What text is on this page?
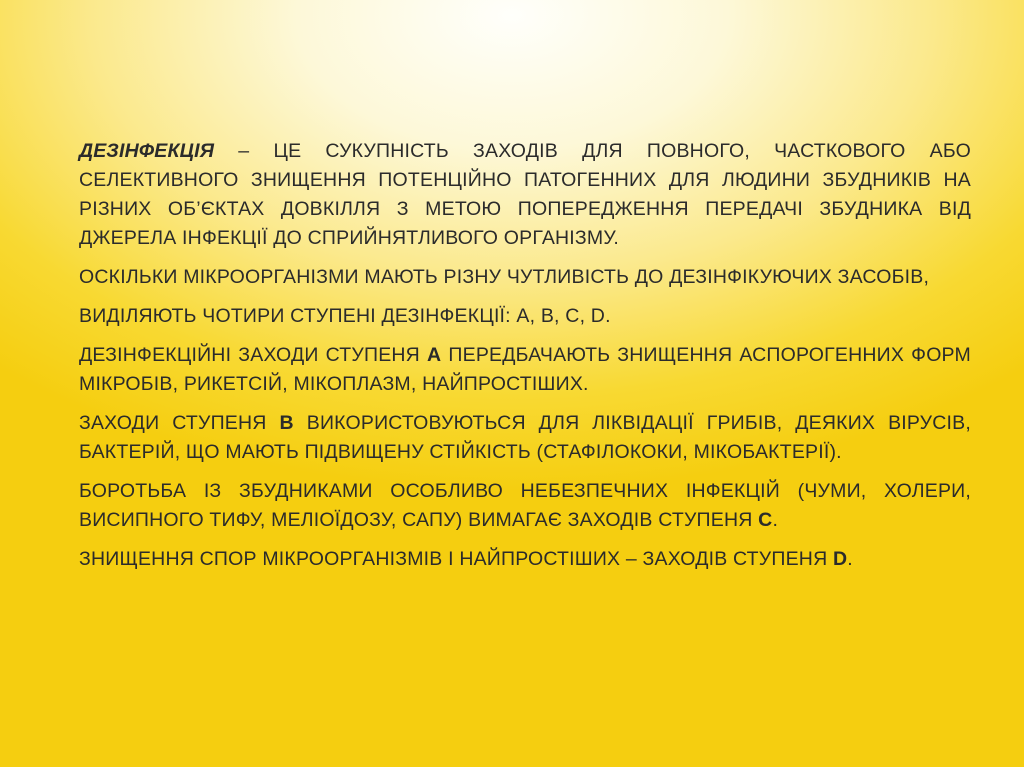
ДЕЗІНФЕКЦІЯ – ЦЕ СУКУПНІСТЬ ЗАХОДІВ ДЛЯ ПОВНОГО, ЧАСТКОВОГО АБО СЕЛЕКТИВНОГО ЗНИЩЕННЯ ПОТЕНЦІЙНО ПАТОГЕННИХ ДЛЯ ЛЮДИНИ ЗБУДНИКІВ НА РІЗНИХ ОБ’ЄКТАХ ДОВКІЛЛЯ З МЕТОЮ ПОПЕРЕДЖЕННЯ ПЕРЕДАЧІ ЗБУДНИКА ВІД ДЖЕРЕЛА ІНФЕКЦІЇ ДО СПРИЙНЯТЛИВОГО ОРГАНІЗМУ.

ОСКІЛЬКИ МІКРООРГАНІЗМИ МАЮТЬ РІЗНУ ЧУТЛИВІСТЬ ДО ДЕЗІНФІКУЮЧИХ ЗАСОБІВ,

ВИДІЛЯЮТЬ ЧОТИРИ СТУПЕНІ ДЕЗІНФЕКЦІЇ: А, В, С, D.

ДЕЗІНФЕКЦІЙНІ ЗАХОДИ СТУПЕНЯ А ПЕРЕДБАЧАЮТЬ ЗНИЩЕННЯ АСПОРОГЕННИХ ФОРМ МІКРОБІВ, РИКЕТСІЙ, МІКОПЛАЗМ, НАЙПРОСТІШИХ.

ЗАХОДИ СТУПЕНЯ В ВИКОРИСТОВУЮТЬСЯ ДЛЯ ЛІКВІДАЦІЇ ГРИБІВ, ДЕЯКИХ ВІРУСІВ, БАКТЕРІЙ, ЩО МАЮТЬ ПІДВИЩЕНУ СТІЙКІСТЬ (СТАФІЛОКОКИ, МІКОБАКТЕРІЇ).

БОРОТЬБА ІЗ ЗБУДНИКАМИ ОСОБЛИВО НЕБЕЗПЕЧНИХ ІНФЕКЦІЙ (ЧУМИ, ХОЛЕРИ, ВИСИПНОГО ТИФУ, МЕЛІОЇДОЗУ, САПУ) ВИМАГАЄ ЗАХОДІВ СТУПЕНЯ С.

ЗНИЩЕННЯ СПОР МІКРООРГАНІЗМІВ І НАЙПРОСТІШИХ – ЗАХОДІВ СТУПЕНЯ D.
